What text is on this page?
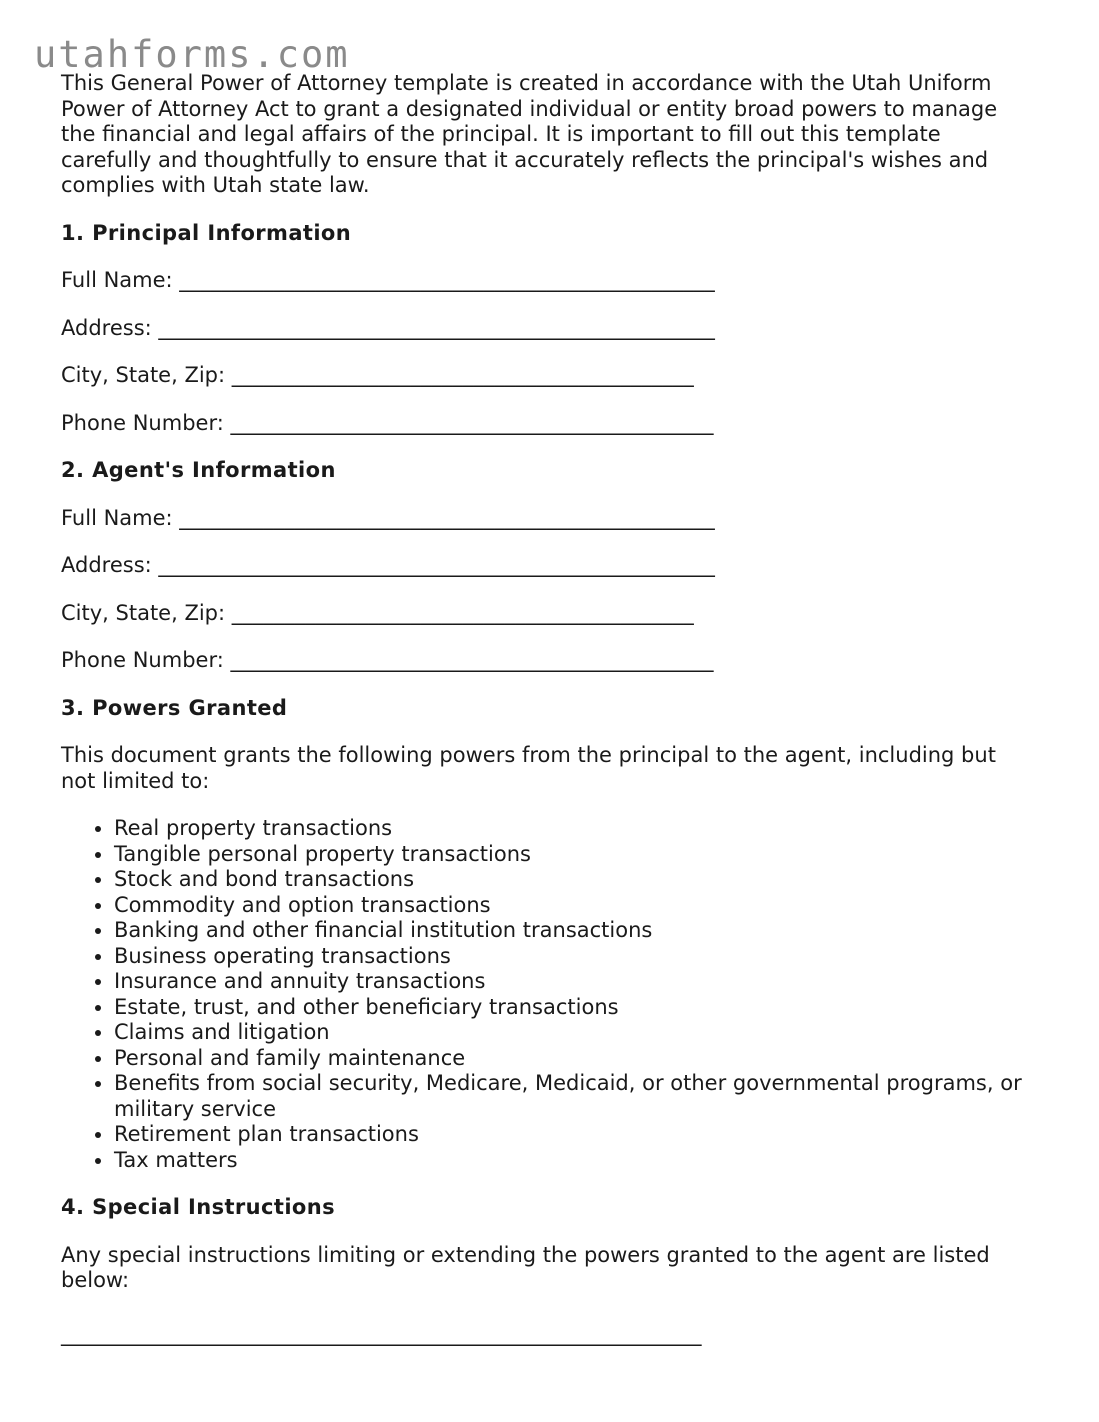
utahforms.com

This General Power of Attorney template is created in accordance with the Utah Uniform Power of Attorney Act to grant a designated individual or entity broad powers to manage the financial and legal affairs of the principal. It is important to fill out this template carefully and thoughtfully to ensure that it accurately reflects the principal's wishes and complies with Utah state law.

1. Principal Information

Full Name: ___________________________________________________

Address: _____________________________________________________

City, State, Zip: ____________________________________________

Phone Number: ______________________________________________

2. Agent's Information

Full Name: ___________________________________________________

Address: _____________________________________________________

City, State, Zip: ____________________________________________

Phone Number: ______________________________________________

3. Powers Granted

This document grants the following powers from the principal to the agent, including but not limited to:

• Real property transactions
• Tangible personal property transactions
• Stock and bond transactions
• Commodity and option transactions
• Banking and other financial institution transactions
• Business operating transactions
• Insurance and annuity transactions
• Estate, trust, and other beneficiary transactions
• Claims and litigation
• Personal and family maintenance
• Benefits from social security, Medicare, Medicaid, or other governmental programs, or military service
• Retirement plan transactions
• Tax matters
4. Special Instructions

Any special instructions limiting or extending the powers granted to the agent are listed below:

_____________________________________________________________
